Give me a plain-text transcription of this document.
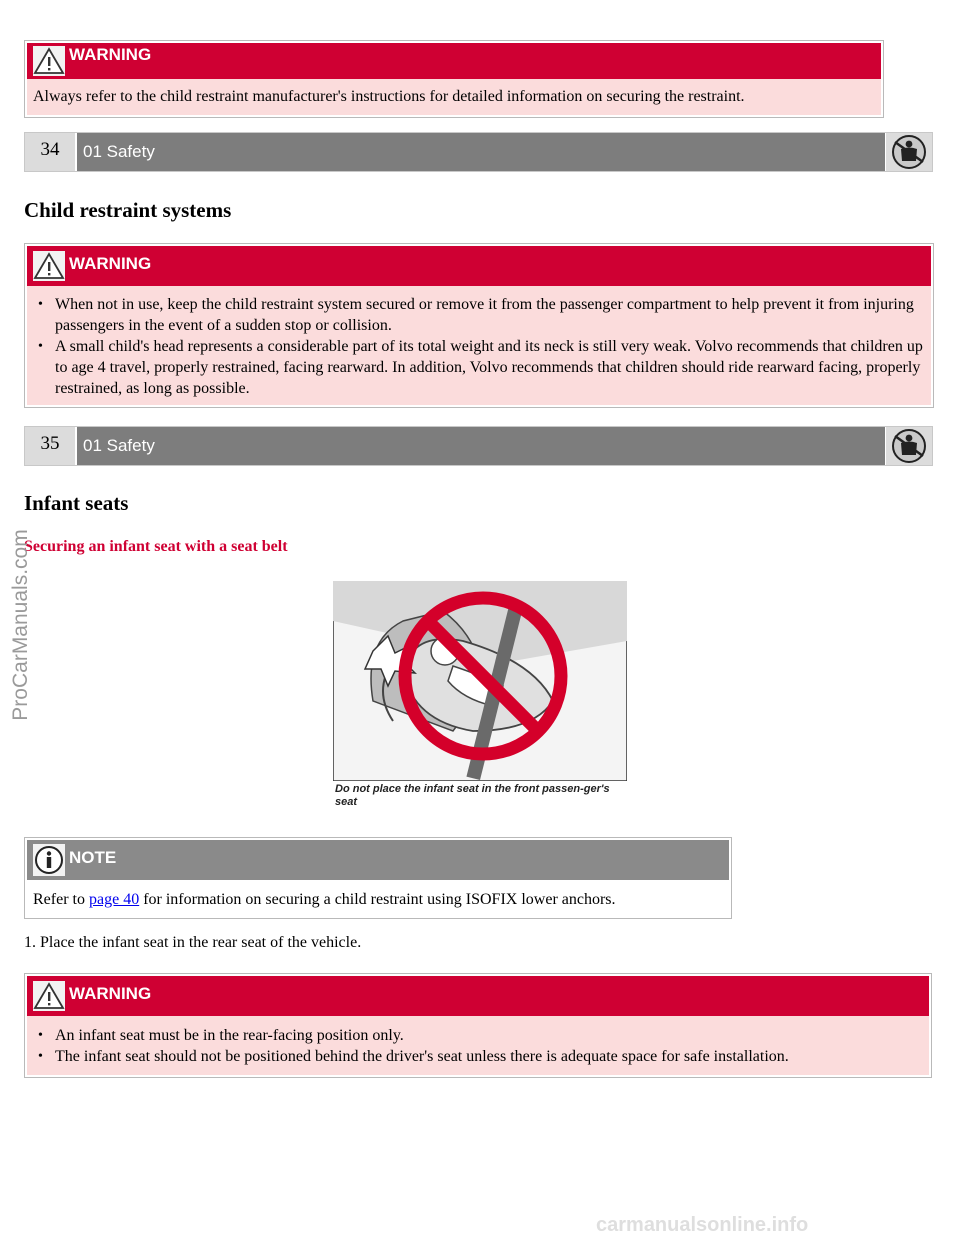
WARNING
Always refer to the child restraint manufacturer's instructions for detailed information on securing the restraint.
34	01 Safety
Child restraint systems
WARNING
• When not in use, keep the child restraint system secured or remove it from the passenger compartment to help prevent it from injuring passengers in the event of a sudden stop or collision.
• A small child's head represents a considerable part of its total weight and its neck is still very weak. Volvo recommends that children up to age 4 travel, properly restrained, facing rearward. In addition, Volvo recommends that children should ride rearward facing, properly restrained, as long as possible.
35	01 Safety
Infant seats
Securing an infant seat with a seat belt
Do not place the infant seat in the front passen-ger's seat
NOTE
Refer to page 40 for information on securing a child restraint using ISOFIX lower anchors.
1. Place the infant seat in the rear seat of the vehicle.
WARNING
• An infant seat must be in the rear-facing position only.
• The infant seat should not be positioned behind the driver's seat unless there is adequate space for safe installation.
ProCarManuals.com
carmanualsonline.info
